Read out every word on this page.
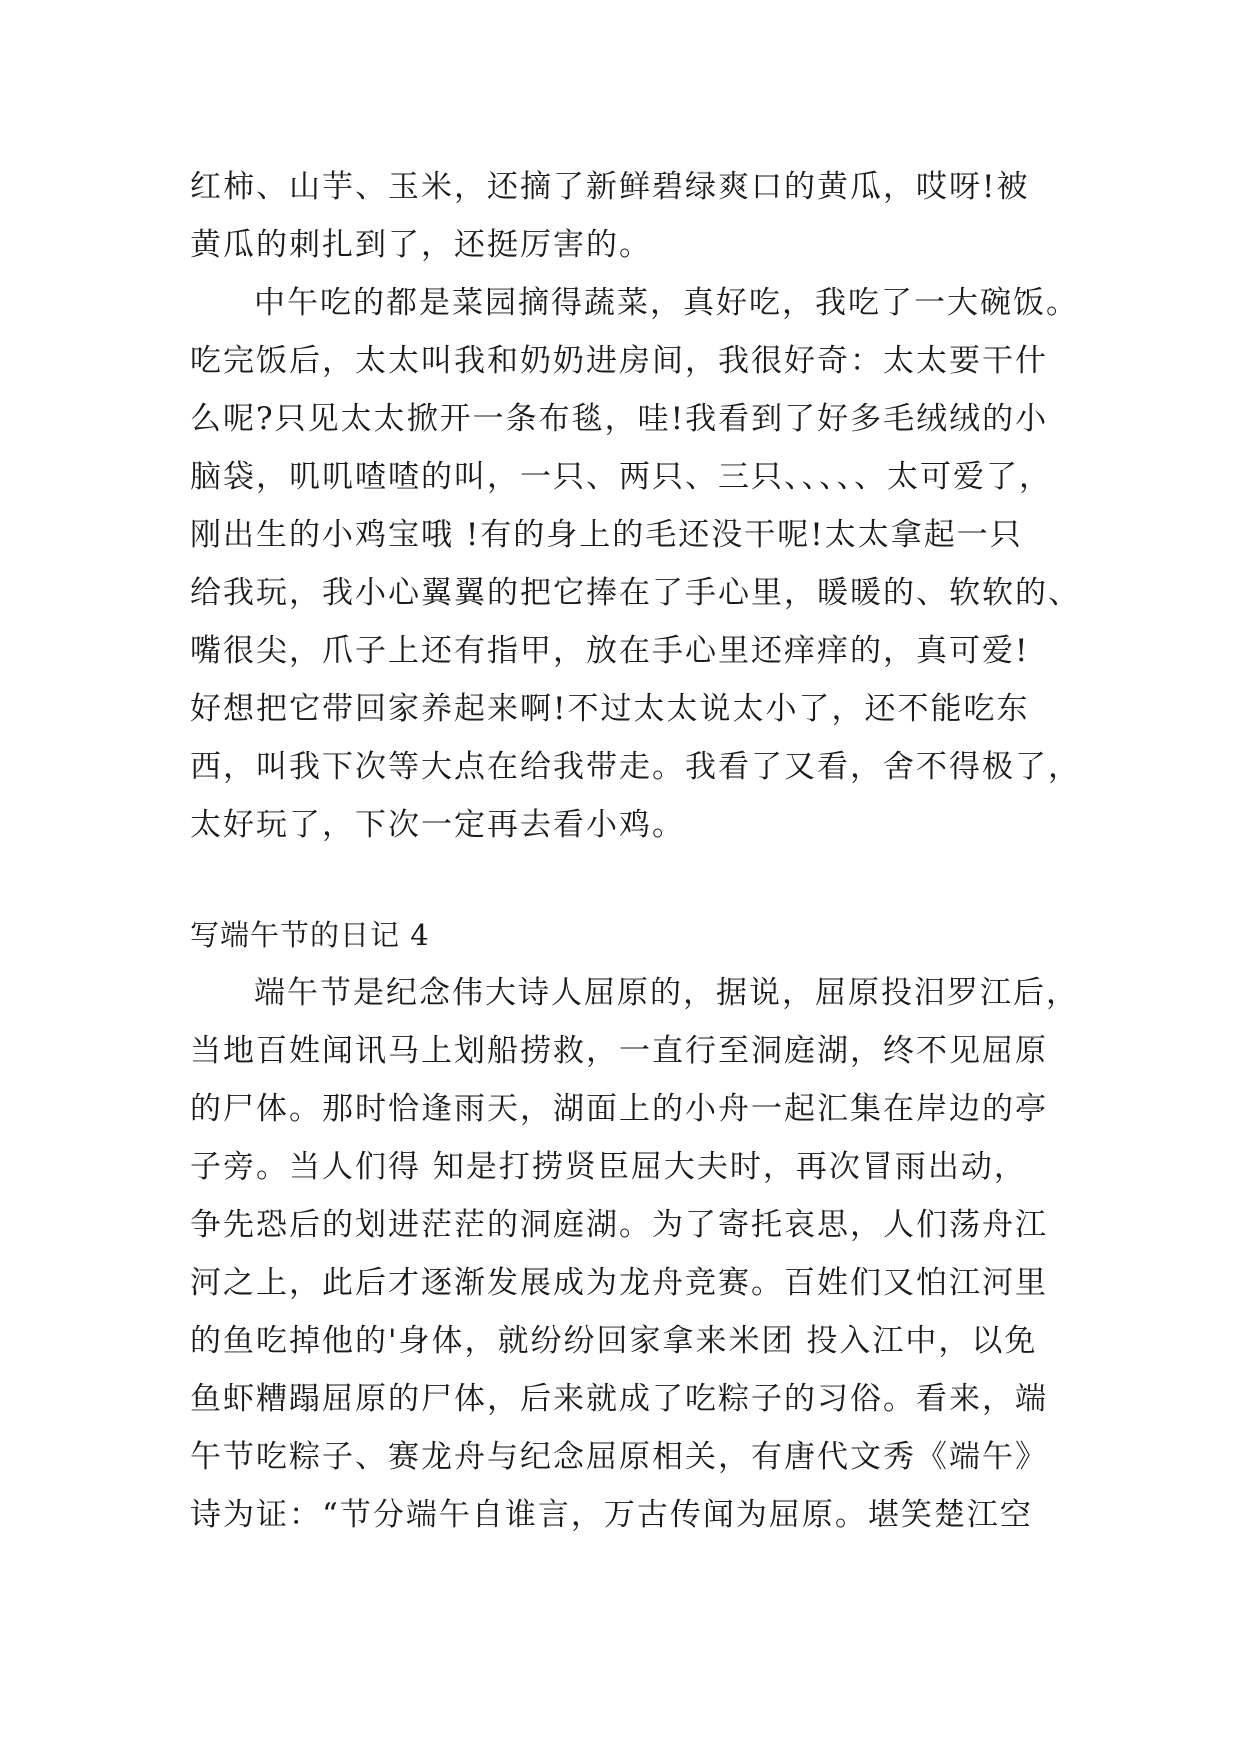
红柿、山芋、玉米，还摘了新鲜碧绿爽口的黄瓜，哎呀!被
黄瓜的刺扎到了，还挺厉害的。
中午吃的都是菜园摘得蔬菜，真好吃，我吃了一大碗饭。
吃完饭后，太太叫我和奶奶进房间，我很好奇：太太要干什
么呢?只见太太掀开一条布毯，哇!我看到了好多毛绒绒的小
脑袋，叽叽喳喳的叫，一只、两只、三只、、、、、太可爱了，
刚出生的小鸡宝哦 !有的身上的毛还没干呢!太太拿起一只
给我玩，我小心翼翼的把它捧在了手心里，暖暖的、软软的、
嘴很尖，爪子上还有指甲，放在手心里还痒痒的，真可爱!
好想把它带回家养起来啊!不过太太说太小了，还不能吃东
西，叫我下次等大点在给我带走。我看了又看，舍不得极了，
太好玩了，下次一定再去看小鸡。
写端午节的日记 4
端午节是纪念伟大诗人屈原的，据说，屈原投汨罗江后，
当地百姓闻讯马上划船捞救，一直行至洞庭湖，终不见屈原
的尸体。那时恰逢雨天，湖面上的小舟一起汇集在岸边的亭
子旁。当人们得 知是打捞贤臣屈大夫时，再次冒雨出动，
争先恐后的划进茫茫的洞庭湖。为了寄托哀思，人们荡舟江
河之上，此后才逐渐发展成为龙舟竞赛。百姓们又怕江河里
的鱼吃掉他的'身体，就纷纷回家拿来米团 投入江中，以免
鱼虾糟蹋屈原的尸体，后来就成了吃粽子的习俗。看来，端
午节吃粽子、赛龙舟与纪念屈原相关，有唐代文秀《端午》
诗为证：“节分端午自谁言，万古传闻为屈原。堪笑楚江空
